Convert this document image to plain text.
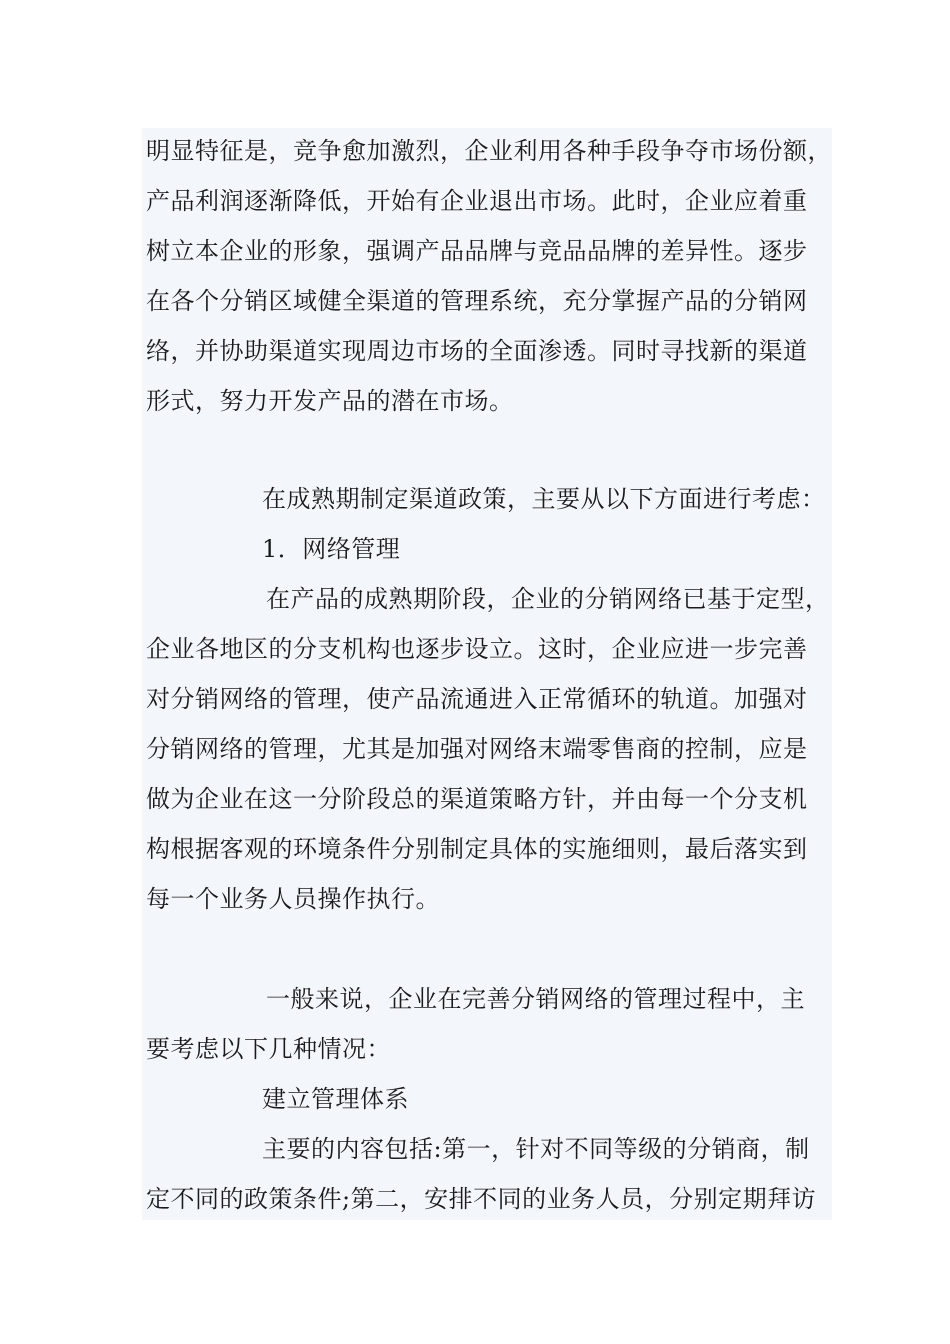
明显特征是，竞争愈加激烈，企业利用各种手段争夺市场份额，
产品利润逐渐降低，开始有企业退出市场。此时，企业应着重
树立本企业的形象，强调产品品牌与竞品品牌的差异性。逐步
在各个分销区域健全渠道的管理系统，充分掌握产品的分销网
络，并协助渠道实现周边市场的全面渗透。同时寻找新的渠道
形式，努力开发产品的潜在市场。
在成熟期制定渠道政策，主要从以下方面进行考虑：
1．网络管理
在产品的成熟期阶段，企业的分销网络已基于定型，
企业各地区的分支机构也逐步设立。这时，企业应进一步完善
对分销网络的管理，使产品流通进入正常循环的轨道。加强对
分销网络的管理，尤其是加强对网络末端零售商的控制，应是
做为企业在这一分阶段总的渠道策略方针，并由每一个分支机
构根据客观的环境条件分别制定具体的实施细则，最后落实到
每一个业务人员操作执行。
一般来说，企业在完善分销网络的管理过程中，主
要考虑以下几种情况：
建立管理体系
主要的内容包括:第一，针对不同等级的分销商，制
定不同的政策条件;第二，安排不同的业务人员，分别定期拜访
